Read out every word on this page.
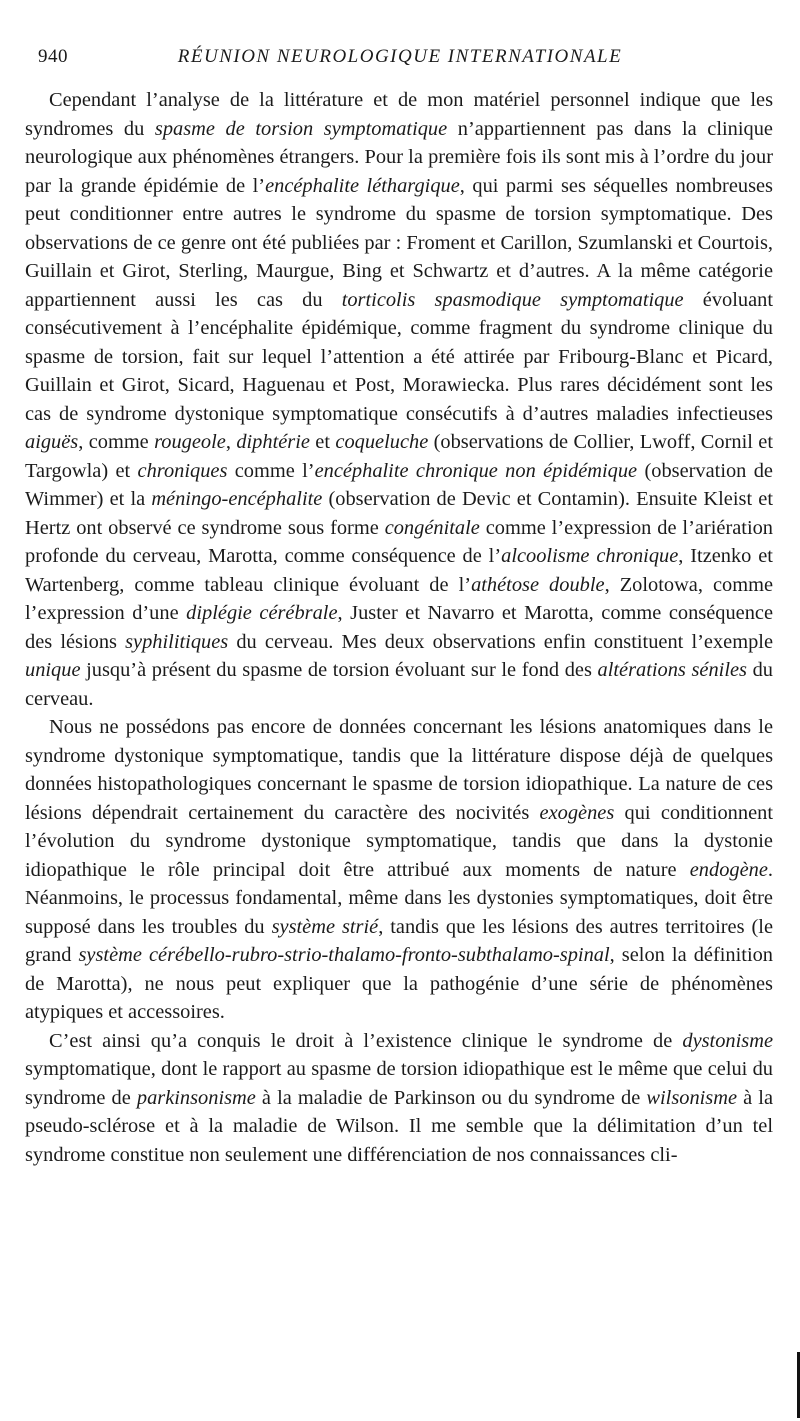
940	RÉUNION NEUROLOGIQUE INTERNATIONALE

Cependant l’analyse de la littérature et de mon matériel personnel indique que les syndromes du spasme de torsion symptomatique n’appartiennent pas dans la clinique neurologique aux phénomènes étrangers. Pour la première fois ils sont mis à l’ordre du jour par la grande épidémie de l’encéphalite léthargique, qui parmi ses séquelles nombreuses peut conditionner entre autres le syndrome du spasme de torsion symptomatique. Des observations de ce genre ont été publiées par : Froment et Carillon, Szumlanski et Courtois, Guillain et Girot, Sterling, Maurgue, Bing et Schwartz et d’autres. A la même catégorie appartiennent aussi les cas du torticolis spasmodique symptomatique évoluant consécutivement à l’encéphalite épidémique, comme fragment du syndrome clinique du spasme de torsion, fait sur lequel l’attention a été attirée par Fribourg-Blanc et Picard, Guillain et Girot, Sicard, Haguenau et Post, Morawiecka. Plus rares décidément sont les cas de syndrome dystonique symptomatique consécutifs à d’autres maladies infectieuses aiguës, comme rougeole, diphtérie et coqueluche (observations de Collier, Lwoff, Cornil et Targowla) et chroniques comme l’encéphalite chronique non épidémique (observation de Wimmer) et la méningo-encéphalite (observation de Devic et Contamin). Ensuite Kleist et Hertz ont observé ce syndrome sous forme congénitale comme l’expression de l’ariération profonde du cerveau, Marotta, comme conséquence de l’alcoolisme chronique, Itzenko et Wartenberg, comme tableau clinique évoluant de l’athétose double, Zolotowa, comme l’expression d’une diplégie cérébrale, Juster et Navarro et Marotta, comme conséquence des lésions syphilitiques du cerveau. Mes deux observations enfin constituent l’exemple unique jusqu’à présent du spasme de torsion évoluant sur le fond des altérations séniles du cerveau.

Nous ne possédons pas encore de données concernant les lésions anatomiques dans le syndrome dystonique symptomatique, tandis que la littérature dispose déjà de quelques données histopathologiques concernant le spasme de torsion idiopathique. La nature de ces lésions dépendrait certainement du caractère des nocivités exogènes qui conditionnent l’évolution du syndrome dystonique symptomatique, tandis que dans la dystonie idiopathique le rôle principal doit être attribué aux moments de nature endogène. Néanmoins, le processus fondamental, même dans les dystonies symptomatiques, doit être supposé dans les troubles du système strié, tandis que les lésions des autres territoires (le grand système cérébello-rubro-strio-thalamo-fronto-subthalamo-spinal, selon la définition de Marotta), ne nous peut expliquer que la pathogénie d’une série de phénomènes atypiques et accessoires.

C’est ainsi qu’a conquis le droit à l’existence clinique le syndrome de dystonisme symptomatique, dont le rapport au spasme de torsion idiopathique est le même que celui du syndrome de parkinsonisme à la maladie de Parkinson ou du syndrome de wilsonisme à la pseudo-sclérose et à la maladie de Wilson. Il me semble que la délimitation d’un tel syndrome constitue non seulement une différenciation de nos connaissances cli-
